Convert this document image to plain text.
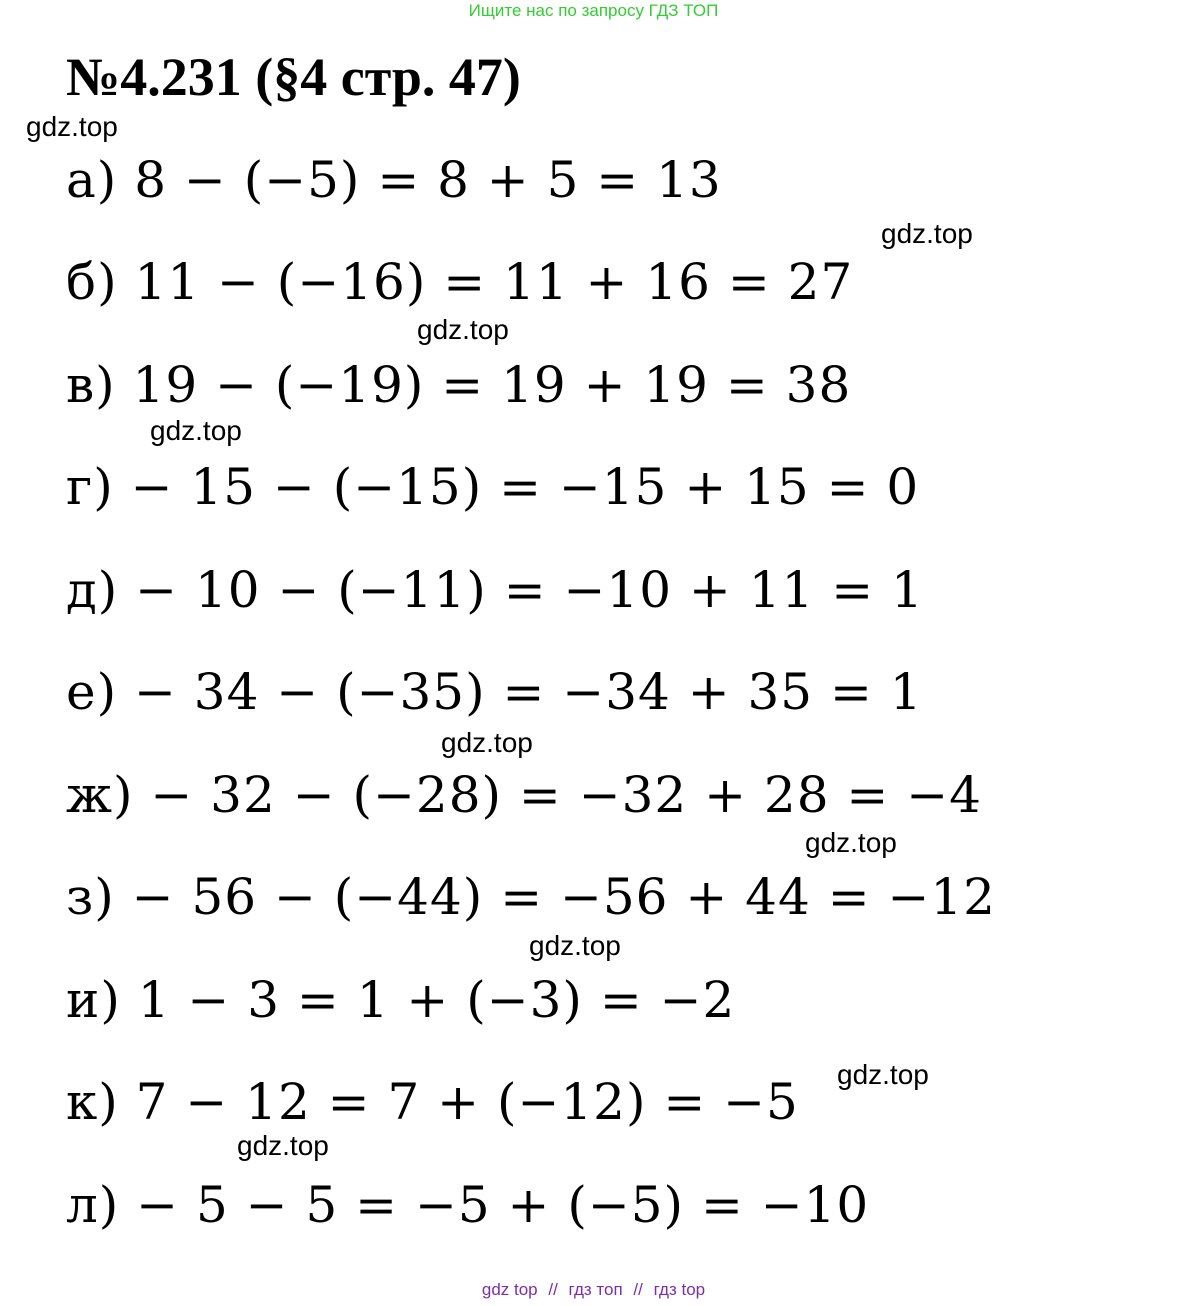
Ищите нас по запросу ГДЗ ТОП
№4.231 (§4 стр. 47)
gdz.top
gdz.top
gdz.top
gdz.top
gdz.top
gdz.top
gdz.top
gdz.top
gdz.top
а) 8 − (−5) = 8 + 5 = 13
б) 11 − (−16) = 11 + 16 = 27
в) 19 − (−19) = 19 + 19 = 38
г) − 15 − (−15) = −15 + 15 = 0
д) − 10 − (−11) = −10 + 11 = 1
е) − 34 − (−35) = −34 + 35 = 1
ж) − 32 − (−28) = −32 + 28 = −4
з) − 56 − (−44) = −56 + 44 = −12
и) 1 − 3 = 1 + (−3) = −2
к) 7 − 12 = 7 + (−12) = −5
л) − 5 − 5 = −5 + (−5) = −10
gdz top // гдз топ // гдз top
